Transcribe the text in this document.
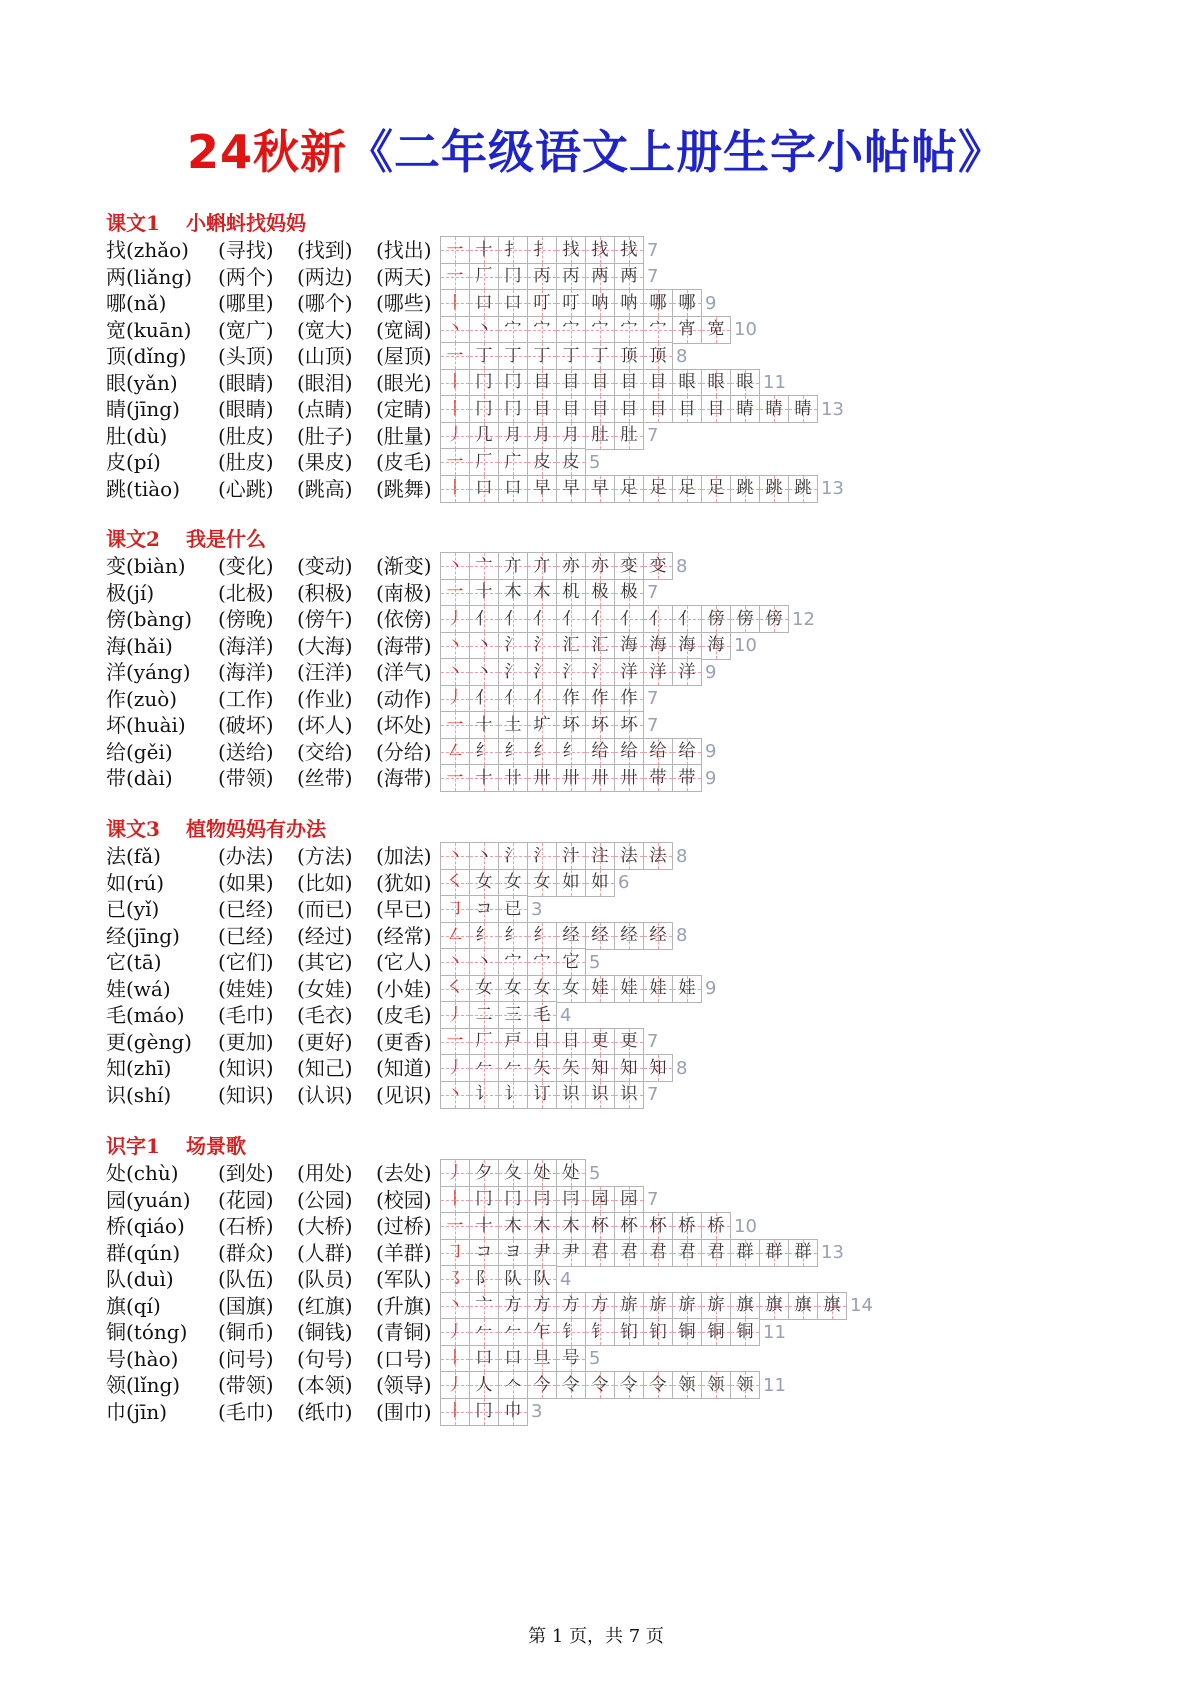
24秋新《二年级语文上册生字小帖帖》
课文1 小蝌蚪找妈妈
找(zhǎo) (寻找) (找到) (找出) 一 十 扌 扌 找 找 找 7
两(liǎng) (两个) (两边) (两天) 一 厂 冂 丙 丙 两 两 7
哪(nǎ)	(哪里) (哪个) (哪些) 丨 口 口 叮 叮 呐 呐 哪 哪 9
宽(kuān) (宽广) (宽大) (宽阔) 丶 丶 宀 宀 宀 宀 宀 宀 宵 宽 10
顶(dǐng) (头顶) (山顶) (屋顶) 一 丁 丁 丁 丁 丁 顶 顶 8
眼(yǎn) (眼睛) (眼泪) (眼光) 丨 冂 冂 目 目 目 目 目 眼 眼 眼 11
睛(jīng) (眼睛) (点睛) (定睛) 丨 冂 冂 目 目 目 目 目 目 目 睛 睛 睛 13
肚(dù)	(肚皮) (肚子) (肚量) 丿 几 月 月 月 肚 肚 7
皮(pí)	(肚皮) (果皮) (皮毛) 一 厂 广 皮 皮 5
跳(tiào) (心跳) (跳高) (跳舞) 丨 口 口 早 早 早 足 足 足 足 跳 跳 跳 13
课文2 我是什么
变(biàn) (变化) (变动) (渐变) 丶 亠 亣 亣 亦 亦 变 变 8
极(jí)	(北极) (积极) (南极) 一 十 木 木 机 极 极 7
傍(bàng) (傍晚) (傍午) (依傍) 丿 亻 亻 亻 亻 亻 亻 亻 亻 傍 傍 傍 12
海(hǎi) (海洋) (大海) (海带) 丶 丶 氵 氵 汇 汇 海 海 海 海 10
洋(yáng) (海洋) (汪洋) (洋气) 丶 丶 氵 氵 氵 氵 洋 洋 洋 9
作(zuò) (工作) (作业) (动作) 丿 亻 亻 亻 作 作 作 7
坏(huài) (破坏) (坏人) (坏处) 一 十 土 圹 坏 坏 坏 7
给(gěi) (送给) (交给) (分给) ㇜ 纟 纟 纟 纟 给 给 给 给 9
带(dài) (带领) (丝带) (海带) 一 十 卄 卅 卅 卅 卅 带 带 9
课文3 植物妈妈有办法
法(fǎ)	(办法) (方法) (加法) 丶 丶 氵 氵 汁 注 法 法 8
如(rú)	(如果) (比如) (犹如) ㇛ 女 女 女 如 如 6
已(yǐ)	(已经) (而已) (早已) ㇆ コ 已 3
经(jīng) (已经) (经过) (经常) ㇜ 纟 纟 纟 经 经 经 经 8
它(tā)	(它们) (其它) (它人) 丶 丶 宀 宀 它 5
娃(wá) (娃娃) (女娃) (小娃) ㇛ 女 女 女 女 娃 娃 娃 娃 9
毛(máo) (毛巾) (毛衣) (皮毛) 丿 二 三 毛 4
更(gèng) (更加) (更好) (更香) 一 厂 戸 日 日 更 更 7
知(zhī) (知识) (知己) (知道) 丿 𠂉 𠂉 矢 矢 知 知 知 8
识(shí) (知识) (认识) (见识) 丶 讠 讠 订 识 识 识 7
识字1 场景歌
处(chù) (到处) (用处) (去处) 丿 夕 夂 处 处 5
园(yuán) (花园) (公园) (校园) 丨 冂 冂 冃 冃 园 园 7
桥(qiáo) (石桥) (大桥) (过桥) 一 十 木 木 木 杯 杯 杯 桥 桥 10
群(qún) (群众) (人群) (羊群) ㇆ コ ヨ 尹 尹 君 君 君 君 君 群 群 群 13
队(duì) (队伍) (队员) (军队) ㇌ 阝 队 队 4
旗(qí)	(国旗) (红旗) (升旗) 丶 亠 方 方 方 方 旂 旂 旂 旂 旗 旗 旗 旗 14
铜(tóng) (铜币) (铜钱) (青铜) 丿 𠂉 𠂉 乍 钅 钅 钔 钔 铜 铜 铜 11
号(hào) (问号) (句号) (口号) 丨 口 口 旦 号 5
领(lǐng) (带领) (本领) (领导) 丿 人 𠆢 今 令 令 令 令 领 领 领 11
巾(jīn)	(毛巾) (纸巾) (围巾) 丨 冂 巾 3

第 1 页，共 7 页
